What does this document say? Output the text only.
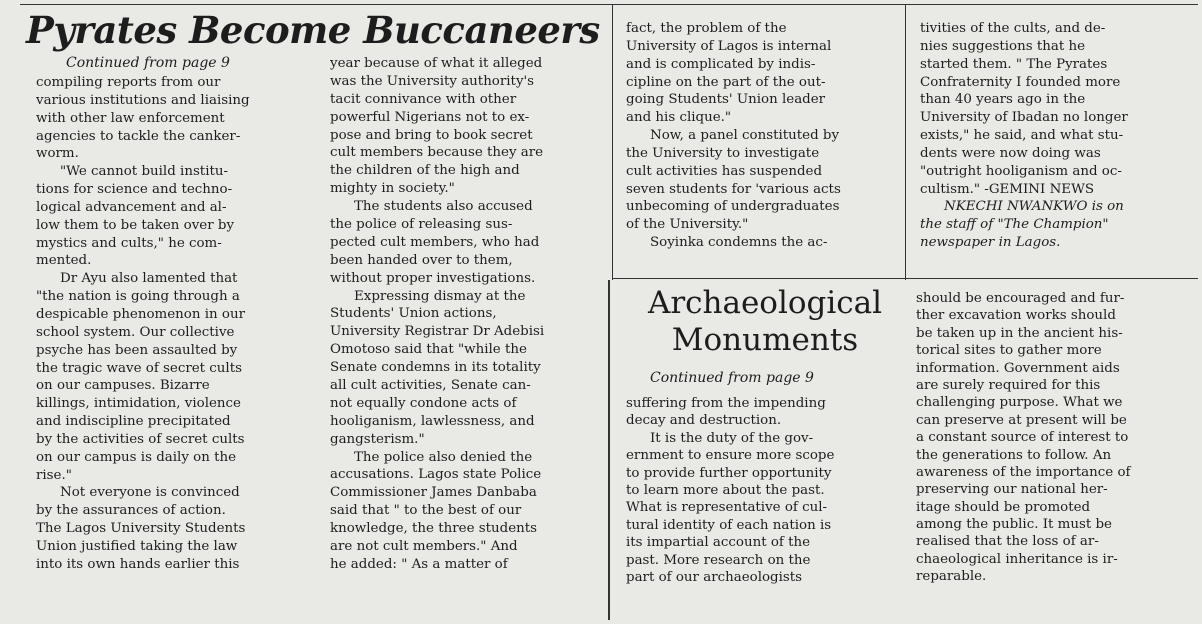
Pyrates Become Buccaneers
Continued from page 9
compiling reports from our
various institutions and liaising
with other law enforcement
agencies to tackle the canker-
worm.
"We cannot build institu-
tions for science and techno-
logical advancement and al-
low them to be taken over by
mystics and cults," he com-
mented.
Dr Ayu also lamented that
"the nation is going through a
despicable phenomenon in our
school system. Our collective
psyche has been assaulted by
the tragic wave of secret cults
on our campuses. Bizarre
killings, intimidation, violence
and indiscipline precipitated
by the activities of secret cults
on our campus is daily on the
rise."
Not everyone is convinced
by the assurances of action.
The Lagos University Students
Union justified taking the law
into its own hands earlier this
year because of what it alleged
was the University authority's
tacit connivance with other
powerful Nigerians not to ex-
pose and bring to book secret
cult members because they are
the children of the high and
mighty in society."
The students also accused
the police of releasing sus-
pected cult members, who had
been handed over to them,
without proper investigations.
Expressing dismay at the
Students' Union actions,
University Registrar Dr Adebisi
Omotoso said that "while the
Senate condemns in its totality
all cult activities, Senate can-
not equally condone acts of
hooliganism, lawlessness, and
gangsterism."
The police also denied the
accusations. Lagos state Police
Commissioner James Danbaba
said that " to the best of our
knowledge, the three students
are not cult members." And
he added: " As a matter of
fact, the problem of the
University of Lagos is internal
and is complicated by indis-
cipline on the part of the out-
going Students' Union leader
and his clique."
Now, a panel constituted by
the University to investigate
cult activities has suspended
seven students for 'various acts
unbecoming of undergraduates
of the University."
Soyinka condemns the ac-
tivities of the cults, and de-
nies suggestions that he
started them. " The Pyrates
Confraternity I founded more
than 40 years ago in the
University of Ibadan no longer
exists," he said, and what stu-
dents were now doing was
"outright hooliganism and oc-
cultism." -GEMINI NEWS
NKECHI NWANKWO is on
the staff of "The Champion"
newspaper in Lagos.
Archaeological
Monuments
Continued from page 9
suffering from the impending
decay and destruction.
It is the duty of the gov-
ernment to ensure more scope
to provide further opportunity
to learn more about the past.
What is representative of cul-
tural identity of each nation is
its impartial account of the
past. More research on the
part of our archaeologists
should be encouraged and fur-
ther excavation works should
be taken up in the ancient his-
torical sites to gather more
information. Government aids
are surely required for this
challenging purpose. What we
can preserve at present will be
a constant source of interest to
the generations to follow. An
awareness of the importance of
preserving our national her-
itage should be promoted
among the public. It must be
realised that the loss of ar-
chaeological inheritance is ir-
reparable.
